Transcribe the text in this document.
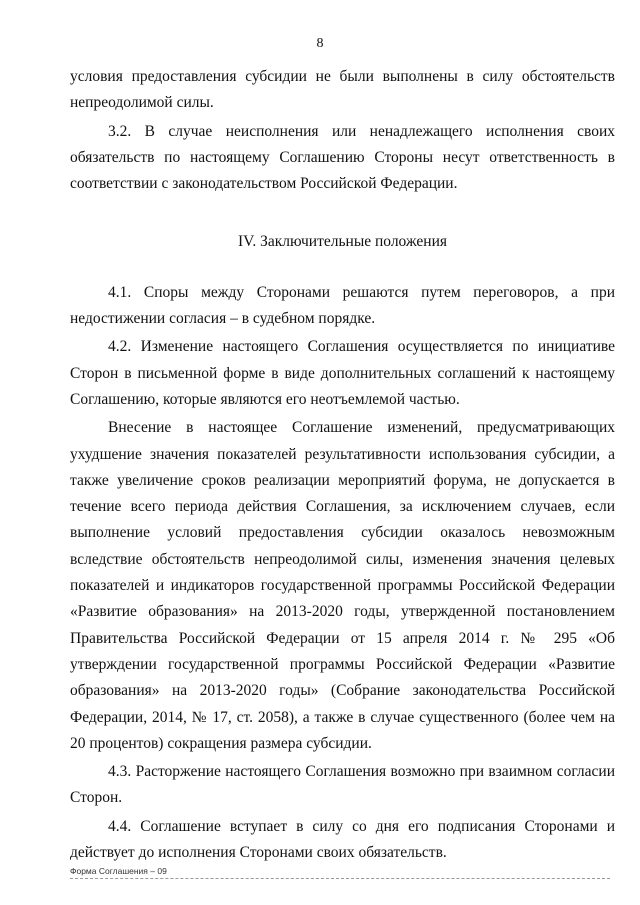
8

условия предоставления субсидии не были выполнены в силу обстоятельств непреодолимой силы.

3.2. В случае неисполнения или ненадлежащего исполнения своих обязательств по настоящему Соглашению Стороны несут ответственность в соответствии с законодательством Российской Федерации.

IV. Заключительные положения

4.1. Споры между Сторонами решаются путем переговоров, а при недостижении согласия – в судебном порядке.

4.2. Изменение настоящего Соглашения осуществляется по инициативе Сторон в письменной форме в виде дополнительных соглашений к настоящему Соглашению, которые являются его неотъемлемой частью.

Внесение в настоящее Соглашение изменений, предусматривающих ухудшение значения показателей результативности использования субсидии, а также увеличение сроков реализации мероприятий форума, не допускается в течение всего периода действия Соглашения, за исключением случаев, если выполнение условий предоставления субсидии оказалось невозможным вследствие обстоятельств непреодолимой силы, изменения значения целевых показателей и индикаторов государственной программы Российской Федерации «Развитие образования» на 2013-2020 годы, утвержденной постановлением Правительства Российской Федерации от 15 апреля 2014 г. № 295 «Об утверждении государственной программы Российской Федерации «Развитие образования» на 2013-2020 годы» (Собрание законодательства Российской Федерации, 2014, № 17, ст. 2058), а также в случае существенного (более чем на 20 процентов) сокращения размера субсидии.

4.3. Расторжение настоящего Соглашения возможно при взаимном согласии Сторон.

4.4. Соглашение вступает в силу со дня его подписания Сторонами и действует до исполнения Сторонами своих обязательств.

Форма Соглашения – 09
